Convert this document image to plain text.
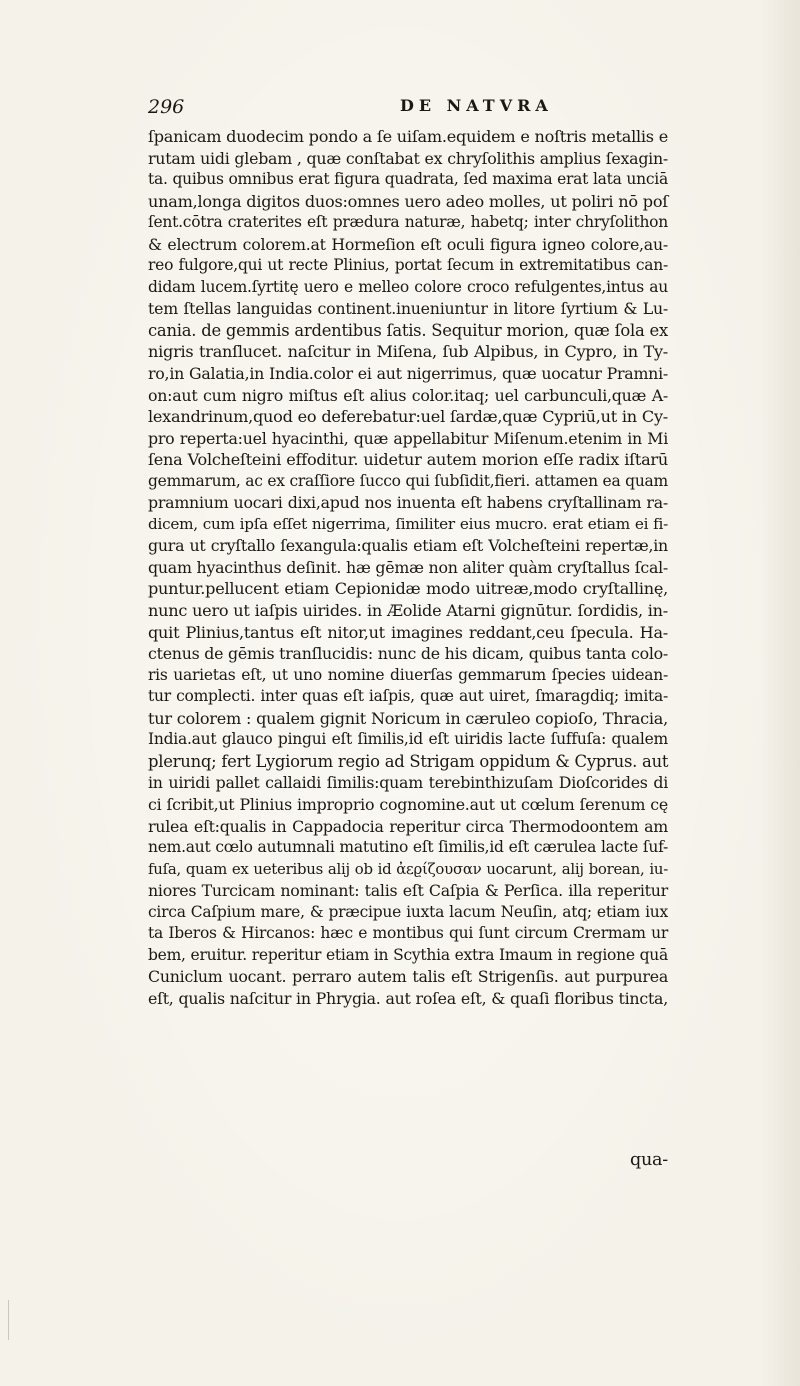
296	DE NATVRA
ſpanicam duodecim pondo a ſe uiſam.equidem e noſtris metallis e
rutam uidi glebam , quæ conſtabat ex chryſolithis amplius ſexagin-
ta. quibus omnibus erat figura quadrata, ſed maxima erat lata unciā
unam,longa digitos duos:omnes uero adeo molles, ut poliri nō poſ
ſent.cōtra craterites eſt prædura naturæ, habetq; inter chryſolithon
& electrum colorem.at Hormeſion eſt oculi figura igneo colore,au-
reo fulgore,qui ut recte Plinius, portat ſecum in extremitatibus can-
didam lucem.ſyrtitę uero e melleo colore croco refulgentes,intus au
tem ſtellas languidas continent.inueniuntur in litore ſyrtium & Lu-
cania. de gemmis ardentibus ſatis. Sequitur morion, quæ ſola ex
nigris tranſlucet. naſcitur in Miſena, ſub Alpibus, in Cypro, in Ty-
ro,in Galatia,in India.color ei aut nigerrimus, quæ uocatur Pramni-
on:aut cum nigro miſtus eſt alius color.itaq; uel carbunculi,quæ A-
lexandrinum,quod eo deferebatur:uel ſardæ,quæ Cypriū,ut in Cy-
pro reperta:uel hyacinthi, quæ appellabitur Miſenum.etenim in Mi
ſena Volcheſteini effoditur. uidetur autem morion eſſe radix iſtarū
gemmarum, ac ex craſſiore ſucco qui ſubſidit,fieri. attamen ea quam
pramnium uocari dixi,apud nos inuenta eſt habens cryſtallinam ra-
dicem, cum ipſa eſſet nigerrima, ſimiliter eius mucro. erat etiam ei fi-
gura ut cryſtallo ſexangula:qualis etiam eſt Volcheſteini repertæ,in
quam hyacinthus deſinit. hæ gēmæ non aliter quàm cryſtallus ſcal-
puntur.pellucent etiam Cepionidæ modo uitreæ,modo cryſtallinę,
nunc uero ut iaſpis uirides. in Æolide Atarni gignūtur. ſordidis, in-
quit Plinius,tantus eſt nitor,ut imagines reddant,ceu ſpecula. Ha-
ctenus de gēmis tranſlucidis: nunc de his dicam, quibus tanta colo-
ris uarietas eſt, ut uno nomine diuerſas gemmarum ſpecies uidean-
tur complecti. inter quas eſt iaſpis, quæ aut uiret, ſmaragdiq; imita-
tur colorem : qualem gignit Noricum in cæruleo copioſo, Thracia,
India.aut glauco pingui eſt ſimilis,id eſt uiridis lacte ſuffuſa: qualem
plerunq; fert Lygiorum regio ad Strigam oppidum & Cyprus. aut
in uiridi pallet callaidi ſimilis:quam terebinthizuſam Dioſcorides di
ci ſcribit,ut Plinius improprio cognomine.aut ut cœlum ſerenum cę
rulea eſt:qualis in Cappadocia reperitur circa Thermodoontem am
nem.aut cœlo autumnali matutino eſt ſimilis,id eſt cærulea lacte ſuf-
fuſa, quam ex ueteribus alij ob id ἀεϱίζουσαν uocarunt, alij borean, iu-
niores Turcicam nominant: talis eſt Caſpia & Perſica. illa reperitur
circa Caſpium mare, & præcipue iuxta lacum Neuſin, atq; etiam iux
ta Iberos & Hircanos: hæc e montibus qui ſunt circum Crermam ur
bem, eruitur. reperitur etiam in Scythia extra Imaum in regione quā
Cuniclum uocant. perraro autem talis eſt Strigenſis. aut purpurea
eſt, qualis naſcitur in Phrygia. aut roſea eſt, & quaſi floribus tincta,
qua-
